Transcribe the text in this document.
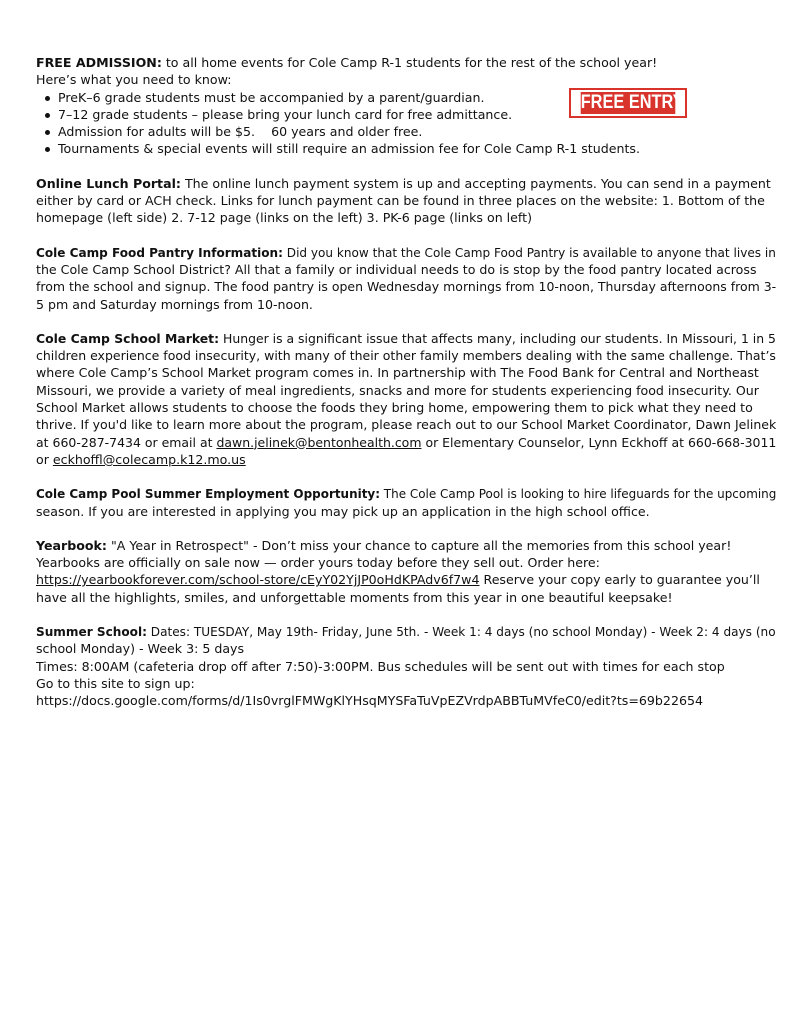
FREE ADMISSION: to all home events for Cole Camp R-1 students for the rest of the school year!

Here’s what you need to know:

PreK–6 grade students must be accompanied by a parent/guardian.
7–12 grade students – please bring your lunch card for free admittance.
Admission for adults will be $5. 60 years and older free.
Tournaments & special events will still require an admission fee for Cole Camp R-1 students.

Online Lunch Portal: The online lunch payment system is up and accepting payments. You can send in a payment

either by card or ACH check. Links for lunch payment can be found in three places on the website: 1. Bottom of the

homepage (left side) 2. 7-12 page (links on the left) 3. PK-6 page (links on left)

Cole Camp Food Pantry Information: Did you know that the Cole Camp Food Pantry is available to anyone that lives in

the Cole Camp School District? All that a family or individual needs to do is stop by the food pantry located across

from the school and signup. The food pantry is open Wednesday mornings from 10-noon, Thursday afternoons from 3-

5 pm and Saturday mornings from 10-noon.

Cole Camp School Market: Hunger is a significant issue that affects many, including our students. In Missouri, 1 in 5

children experience food insecurity, with many of their other family members dealing with the same challenge. That’s

where Cole Camp’s School Market program comes in. In partnership with The Food Bank for Central and Northeast

Missouri, we provide a variety of meal ingredients, snacks and more for students experiencing food insecurity. Our

School Market allows students to choose the foods they bring home, empowering them to pick what they need to

thrive. If you'd like to learn more about the program, please reach out to our School Market Coordinator, Dawn Jelinek

at 660-287-7434 or email at dawn.jelinek@bentonhealth.com or Elementary Counselor, Lynn Eckhoff at 660-668-3011

or eckhoffl@colecamp.k12.mo.us

Cole Camp Pool Summer Employment Opportunity: The Cole Camp Pool is looking to hire lifeguards for the upcoming

season. If you are interested in applying you may pick up an application in the high school office.

Yearbook: "A Year in Retrospect" - Don’t miss your chance to capture all the memories from this school year!

Yearbooks are officially on sale now — order yours today before they sell out. Order here:

https://yearbookforever.com/school-store/cEyY02YjJP0oHdKPAdv6f7w4 Reserve your copy early to guarantee you’ll

have all the highlights, smiles, and unforgettable moments from this year in one beautiful keepsake!

Summer School: Dates: TUESDAY, May 19th- Friday, June 5th. - Week 1: 4 days (no school Monday) - Week 2: 4 days (no

school Monday) - Week 3: 5 days

Times: 8:00AM (cafeteria drop off after 7:50)-3:00PM. Bus schedules will be sent out with times for each stop

Go to this site to sign up:

https://docs.google.com/forms/d/1Is0vrglFMWgKlYHsqMYSFaTuVpEZVrdpABBTuMVfeC0/edit?ts=69b22654

FREE ENTRY
